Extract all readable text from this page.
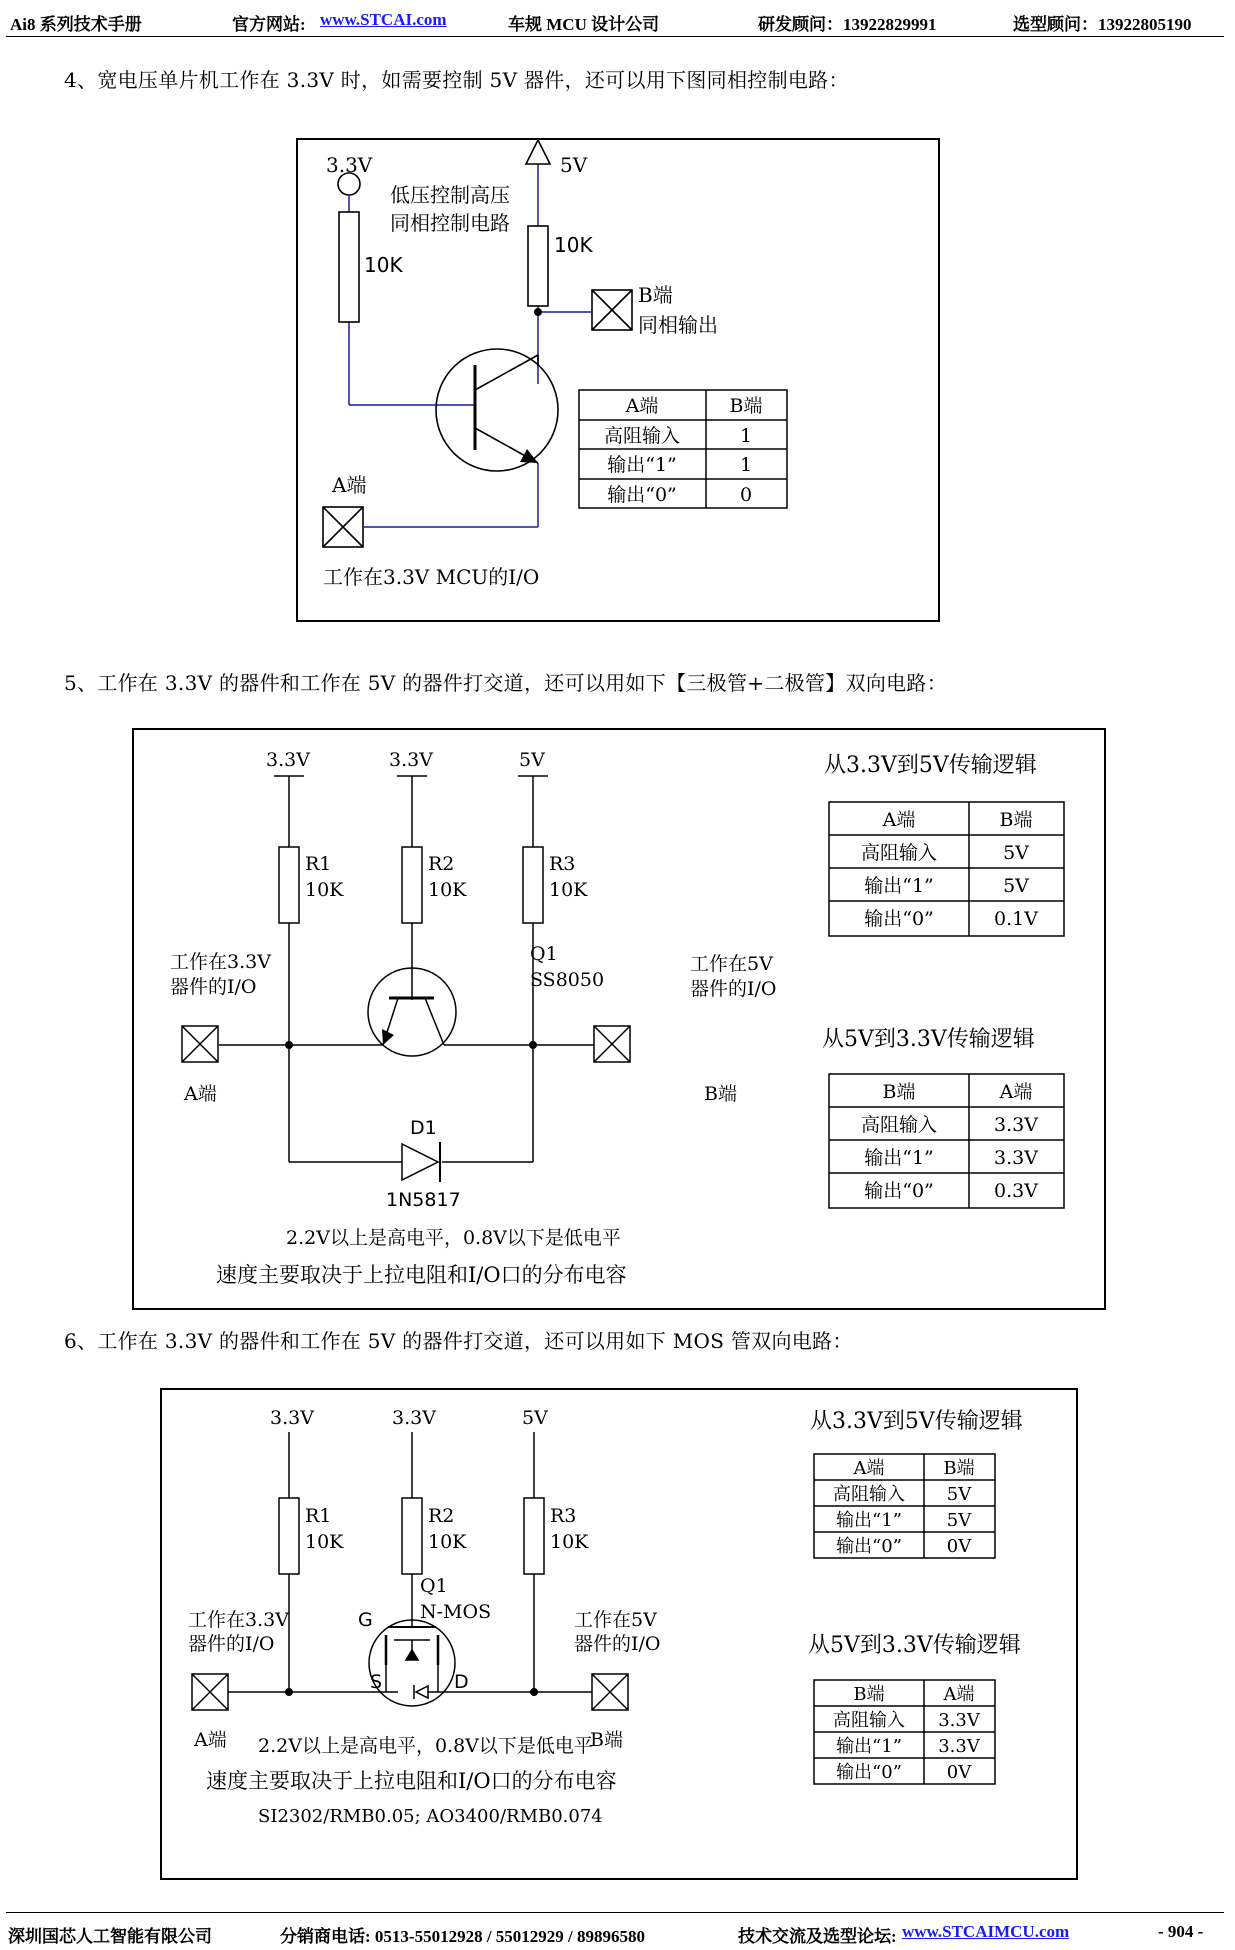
Ai8 系列技术手册	官方网站: www.STCAI.com	车规 MCU 设计公司	研发顾问：13922829991	选型顾问：13922805190
4、宽电压单片机工作在 3.3V 时，如需要控制 5V 器件，还可以用下图同相控制电路：
3.3V	5V
低压控制高压
同相控制电路
10K
10K
B端
同相输出
A端
工作在3.3V MCU的I/O
A端	B端
高阻输入	1
输出“1”	1
输出“0”	0
5、工作在 3.3V 的器件和工作在 5V 的器件打交道，还可以用如下【三极管+二极管】双向电路：
3.3V	3.3V	5V
R1
10K
R2
10K
R3
10K
Q1
SS8050
工作在3.3V
器件的I/O
工作在5V
器件的I/O
A端	B端
D1
1N5817
2.2V以上是高电平，0.8V以下是低电平
速度主要取决于上拉电阻和I/O口的分布电容
从3.3V到5V传输逻辑
从5V到3.3V传输逻辑
A端	B端
高阻输入	5V
输出“1”	5V
输出“0”	0.1V
B端	A端
高阻输入	3.3V
输出“1”	3.3V
输出“0”	0.3V
6、工作在 3.3V 的器件和工作在 5V 的器件打交道，还可以用如下 MOS 管双向电路：
3.3V	3.3V	5V
R1
10K
R2
10K
R3
10K
Q1
N-MOS
G
S	D
工作在3.3V
器件的I/O
工作在5V
器件的I/O
A端	B端
2.2V以上是高电平，0.8V以下是低电平
速度主要取决于上拉电阻和I/O口的分布电容
SI2302/RMB0.05; AO3400/RMB0.074
从3.3V到5V传输逻辑
从5V到3.3V传输逻辑
A端	B端
高阻输入 5V
输出“1” 5V
输出“0” 0V
B端	A端
高阻输入 3.3V
输出“1” 3.3V
输出“0” 0V
深圳国芯人工智能有限公司	分销商电话: 0513-55012928 / 55012929 / 89896580	技术交流及选型论坛: www.STCAIMCU.com	- 904 -
